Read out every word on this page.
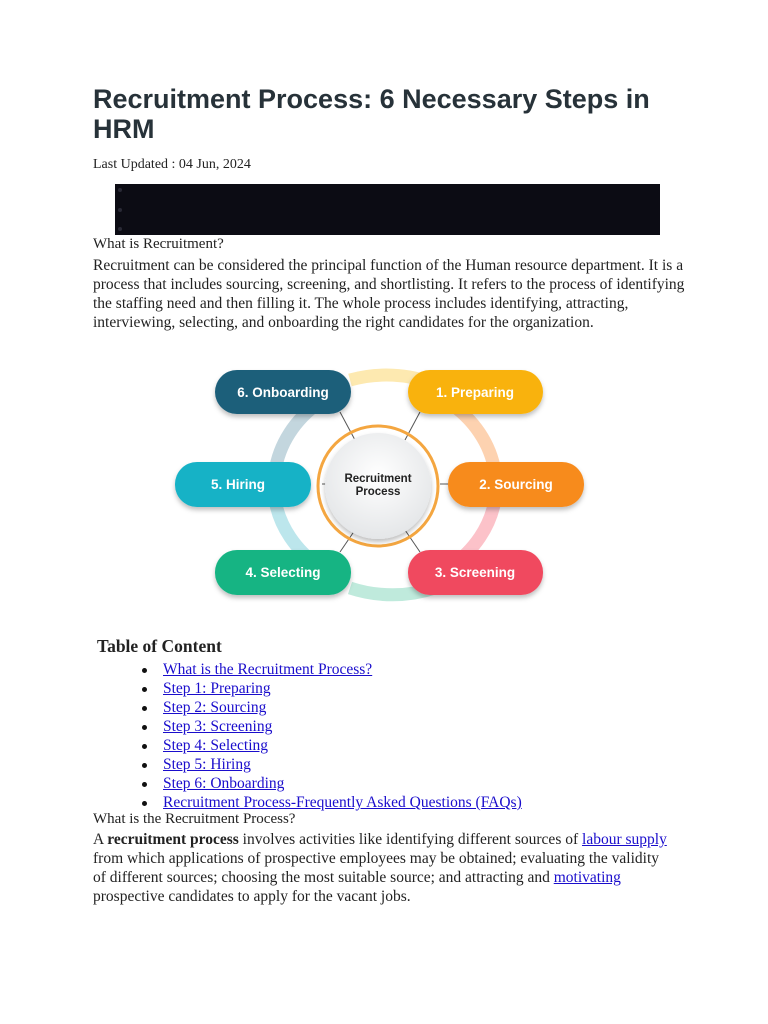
Recruitment Process: 6 Necessary Steps in HRM
Last Updated : 04 Jun, 2024
What is Recruitment?

Recruitment can be considered the principal function of the Human resource department. It is a process that includes sourcing, screening, and shortlisting. It refers to the process of identifying the staffing need and then filling it. The whole process includes identifying, attracting, interviewing, selecting, and onboarding the right candidates for the organization.

Recruitment
Process
1. Preparing
2. Sourcing
3. Screening
4. Selecting
5. Hiring
6. Onboarding
Table of Content
What is the Recruitment Process?
Step 1: Preparing
Step 2: Sourcing
Step 3: Screening
Step 4: Selecting
Step 5: Hiring
Step 6: Onboarding
Recruitment Process-Frequently Asked Questions (FAQs)
What is the Recruitment Process?

A recruitment process involves activities like identifying different sources of labour supply from which applications of prospective employees may be obtained; evaluating the validity of different sources; choosing the most suitable source; and attracting and motivating prospective candidates to apply for the vacant jobs.
